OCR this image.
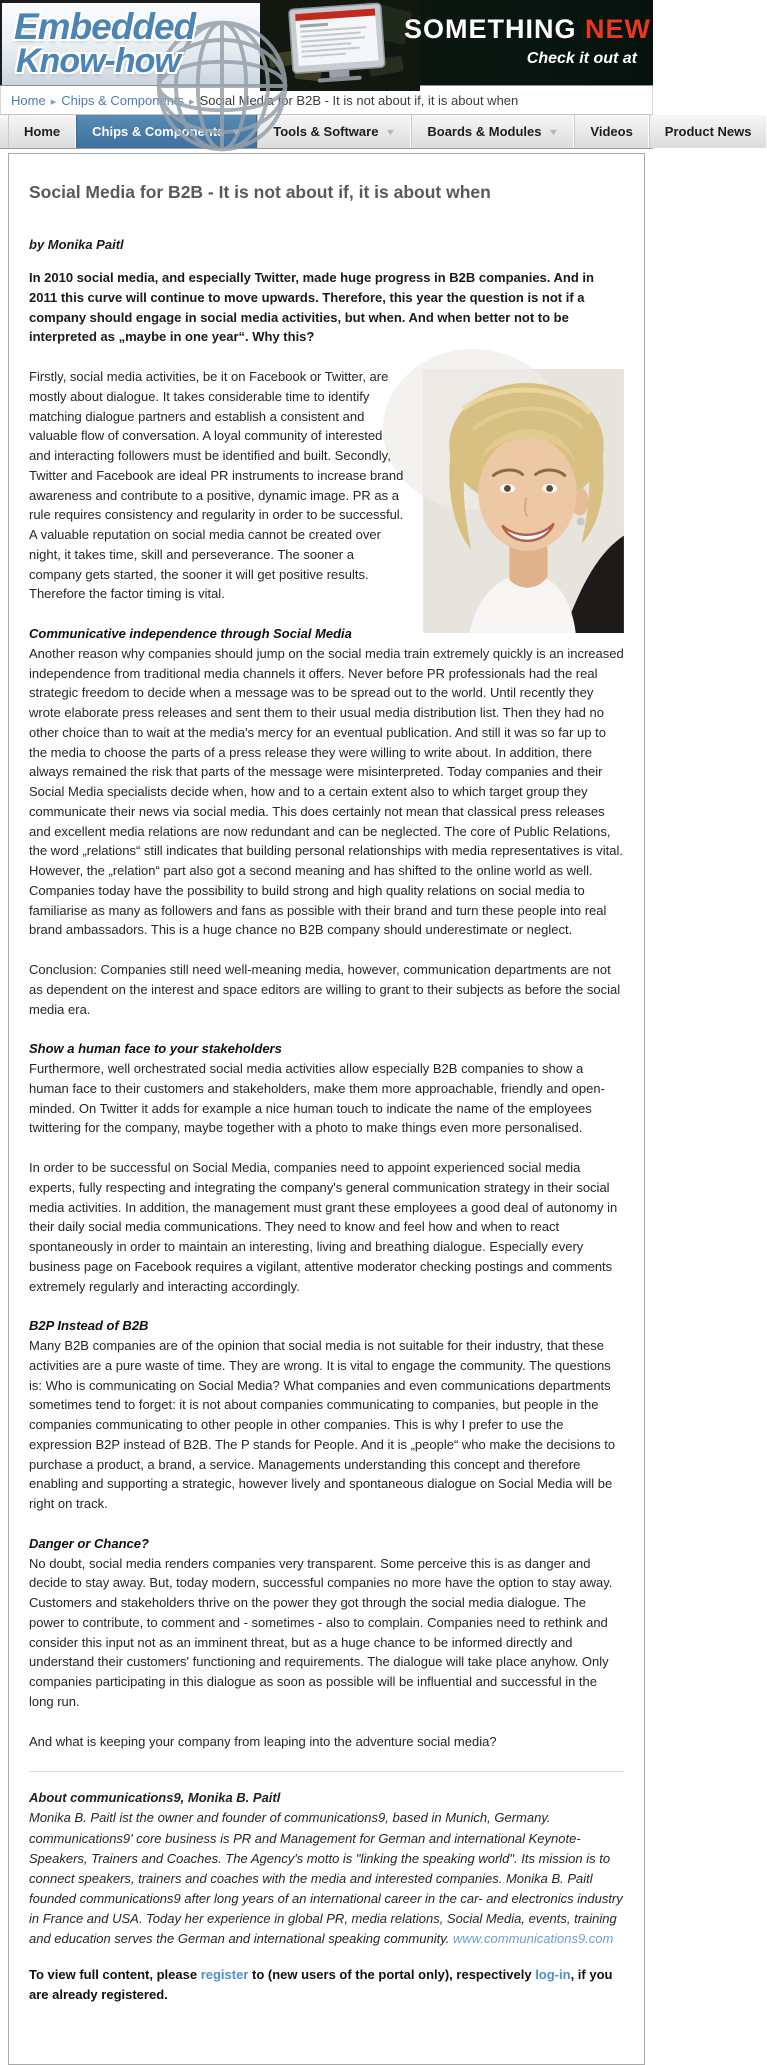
Embedded
Know-how
SOMETHING NEW
Check it out at
Home ▸ Chips & Components ▸ Social Media for B2B - It is not about if, it is about when
Home Chips & Components ▼ Tools & Software ▼ Boards & Modules ▼ Videos Product News
Social Media for B2B - It is not about if, it is about when

by Monika Paitl

In 2010 social media, and especially Twitter, made huge progress in B2B companies. And in 2011 this curve will continue to move upwards. Therefore, this year the question is not if a company should engage in social media activities, but when. And when better not to be interpreted as „maybe in one year“. Why this?

Firstly, social media activities, be it on Facebook or Twitter, are mostly about dialogue. It takes considerable time to identify matching dialogue partners and establish a consistent and valuable flow of conversation. A loyal community of interested and interacting followers must be identified and built. Secondly, Twitter and Facebook are ideal PR instruments to increase brand awareness and contribute to a positive, dynamic image. PR as a rule requires consistency and regularity in order to be successful. A valuable reputation on social media cannot be created over night, it takes time, skill and perseverance. The sooner a company gets started, the sooner it will get positive results. Therefore the factor timing is vital.

Communicative independence through Social Media

Another reason why companies should jump on the social media train extremely quickly is an increased independence from traditional media channels it offers. Never before PR professionals had the real strategic freedom to decide when a message was to be spread out to the world. Until recently they wrote elaborate press releases and sent them to their usual media distribution list. Then they had no other choice than to wait at the media's mercy for an eventual publication. And still it was so far up to the media to choose the parts of a press release they were willing to write about. In addition, there always remained the risk that parts of the message were misinterpreted. Today companies and their Social Media specialists decide when, how and to a certain extent also to which target group they communicate their news via social media. This does certainly not mean that classical press releases and excellent media relations are now redundant and can be neglected. The core of Public Relations, the word „relations“ still indicates that building personal relationships with media representatives is vital. However, the „relation“ part also got a second meaning and has shifted to the online world as well. Companies today have the possibility to build strong and high quality relations on social media to familiarise as many as followers and fans as possible with their brand and turn these people into real brand ambassadors. This is a huge chance no B2B company should underestimate or neglect.

Conclusion: Companies still need well-meaning media, however, communication departments are not as dependent on the interest and space editors are willing to grant to their subjects as before the social media era.

Show a human face to your stakeholders

Furthermore, well orchestrated social media activities allow especially B2B companies to show a human face to their customers and stakeholders, make them more approachable, friendly and open-minded. On Twitter it adds for example a nice human touch to indicate the name of the employees twittering for the company, maybe together with a photo to make things even more personalised.

In order to be successful on Social Media, companies need to appoint experienced social media experts, fully respecting and integrating the company's general communication strategy in their social media activities. In addition, the management must grant these employees a good deal of autonomy in their daily social media communications. They need to know and feel how and when to react spontaneously in order to maintain an interesting, living and breathing dialogue. Especially every business page on Facebook requires a vigilant, attentive moderator checking postings and comments extremely regularly and interacting accordingly.

B2P Instead of B2B

Many B2B companies are of the opinion that social media is not suitable for their industry, that these activities are a pure waste of time. They are wrong. It is vital to engage the community. The questions is: Who is communicating on Social Media? What companies and even communications departments sometimes tend to forget: it is not about companies communicating to companies, but people in the companies communicating to other people in other companies. This is why I prefer to use the expression B2P instead of B2B. The P stands for People. And it is „people“ who make the decisions to purchase a product, a brand, a service. Managements understanding this concept and therefore enabling and supporting a strategic, however lively and spontaneous dialogue on Social Media will be right on track.

Danger or Chance?

No doubt, social media renders companies very transparent. Some perceive this is as danger and decide to stay away. But, today modern, successful companies no more have the option to stay away. Customers and stakeholders thrive on the power they got through the social media dialogue. The power to contribute, to comment and - sometimes - also to complain. Companies need to rethink and consider this input not as an imminent threat, but as a huge chance to be informed directly and understand their customers' functioning and requirements. The dialogue will take place anyhow. Only companies participating in this dialogue as soon as possible will be influential and successful in the long run.

And what is keeping your company from leaping into the adventure social media?

About communications9, Monika B. Paitl

Monika B. Paitl ist the owner and founder of communications9, based in Munich, Germany. communications9' core business is PR and Management for German and international Keynote-Speakers, Trainers and Coaches. The Agency's motto is "linking the speaking world". Its mission is to connect speakers, trainers and coaches with the media and interested companies. Monika B. Paitl founded communications9 after long years of an international career in the car- and electronics industry in France and USA. Today her experience in global PR, media relations, Social Media, events, training and education serves the German and international speaking community. www.communications9.com

To view full content, please register to (new users of the portal only), respectively log-in, if you are already registered.
